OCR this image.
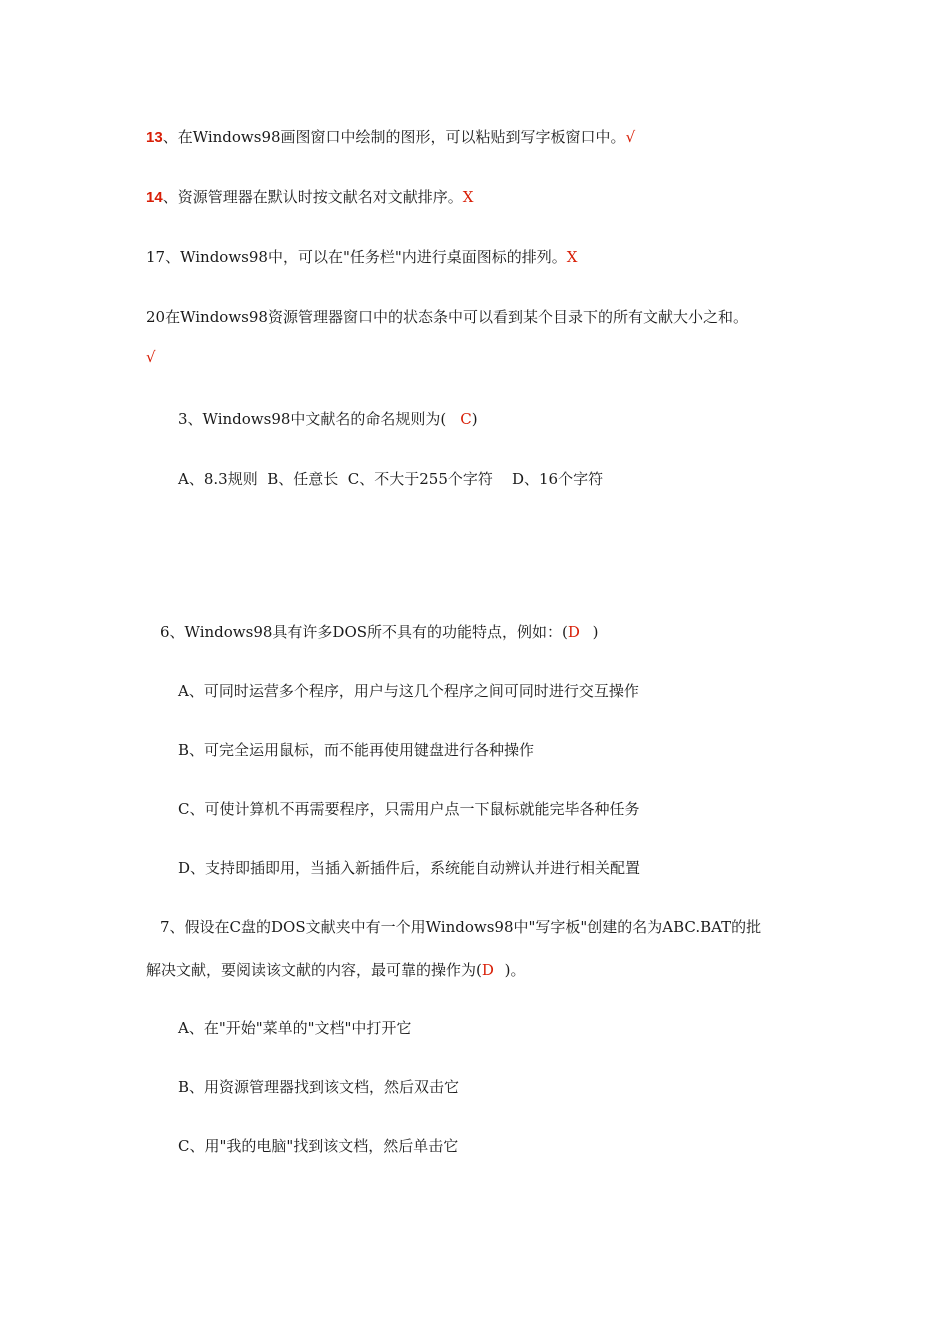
13、在Windows98画图窗口中绘制的图形，可以粘贴到写字板窗口中。√
14、资源管理器在默认时按文献名对文献排序。X
17、Windows98中，可以在"任务栏"内进行桌面图标的排列。X
20在Windows98资源管理器窗口中的状态条中可以看到某个目录下的所有文献大小之和。
√
3、Windows98中文献名的命名规则为( C)
A、8.3规则  B、任意长  C、不大于255个字符    D、16个字符
6、Windows98具有许多DOS所不具有的功能特点，例如：(D )
A、可同时运营多个程序，用户与这几个程序之间可同时进行交互操作
B、可完全运用鼠标，而不能再使用键盘进行各种操作
C、可使计算机不再需要程序，只需用户点一下鼠标就能完毕各种任务
D、支持即插即用，当插入新插件后，系统能自动辨认并进行相关配置
7、假设在C盘的DOS文献夹中有一个用Windows98中"写字板"创建的名为ABC.BAT的批
解决文献，要阅读该文献的内容，最可靠的操作为(D )。
A、在"开始"菜单的"文档"中打开它
B、用资源管理器找到该文档，然后双击它
C、用"我的电脑"找到该文档，然后单击它
